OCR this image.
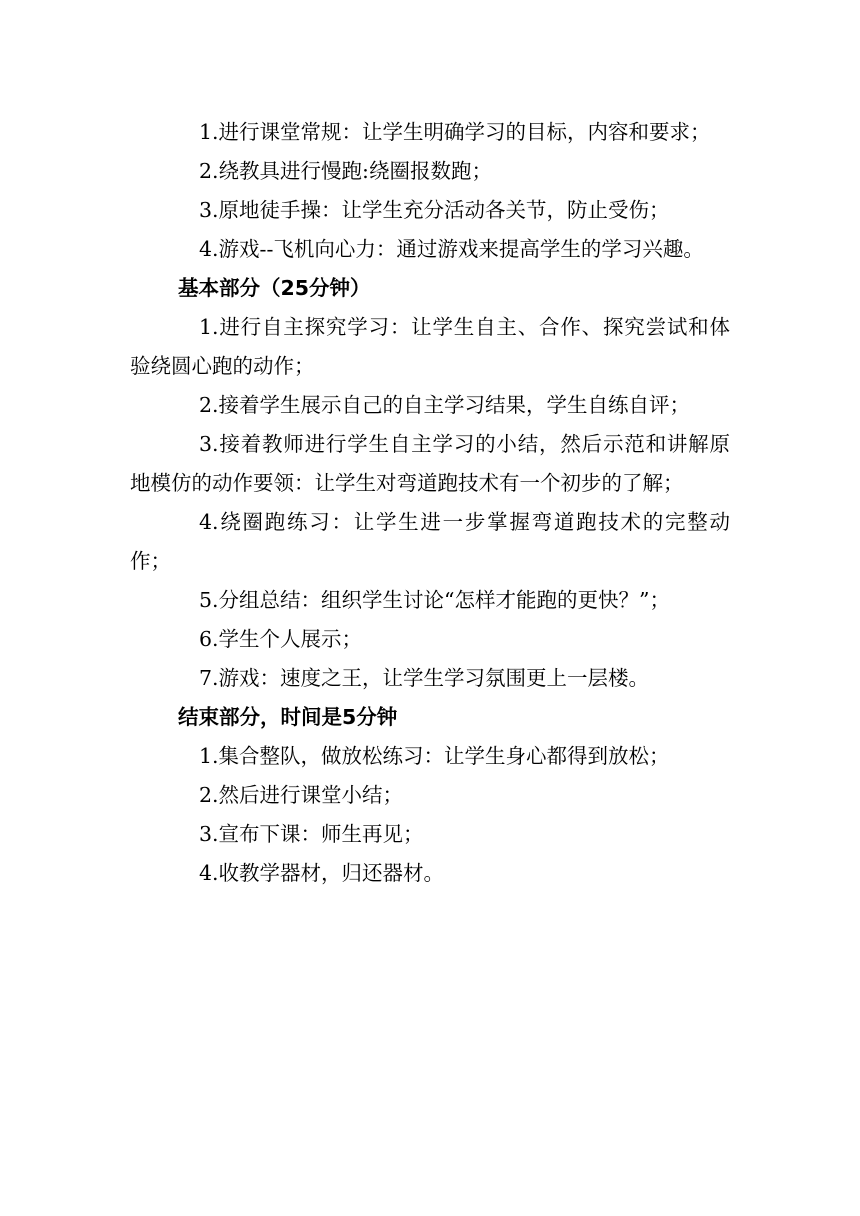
1.进行课堂常规：让学生明确学习的目标，内容和要求；

2.绕教具进行慢跑:绕圈报数跑；

3.原地徒手操：让学生充分活动各关节，防止受伤；

4.游戏--飞机向心力：通过游戏来提高学生的学习兴趣。

基本部分（25分钟）

1.进行自主探究学习：让学生自主、合作、探究尝试和体验绕圆心跑的动作；

2.接着学生展示自己的自主学习结果，学生自练自评；

3.接着教师进行学生自主学习的小结，然后示范和讲解原地模仿的动作要领：让学生对弯道跑技术有一个初步的了解；

4.绕圈跑练习：让学生进一步掌握弯道跑技术的完整动作；

5.分组总结：组织学生讨论“怎样才能跑的更快？”；

6.学生个人展示；

7.游戏：速度之王，让学生学习氛围更上一层楼。

结束部分，时间是5分钟

1.集合整队，做放松练习：让学生身心都得到放松；

2.然后进行课堂小结；

3.宣布下课：师生再见；

4.收教学器材，归还器材。
